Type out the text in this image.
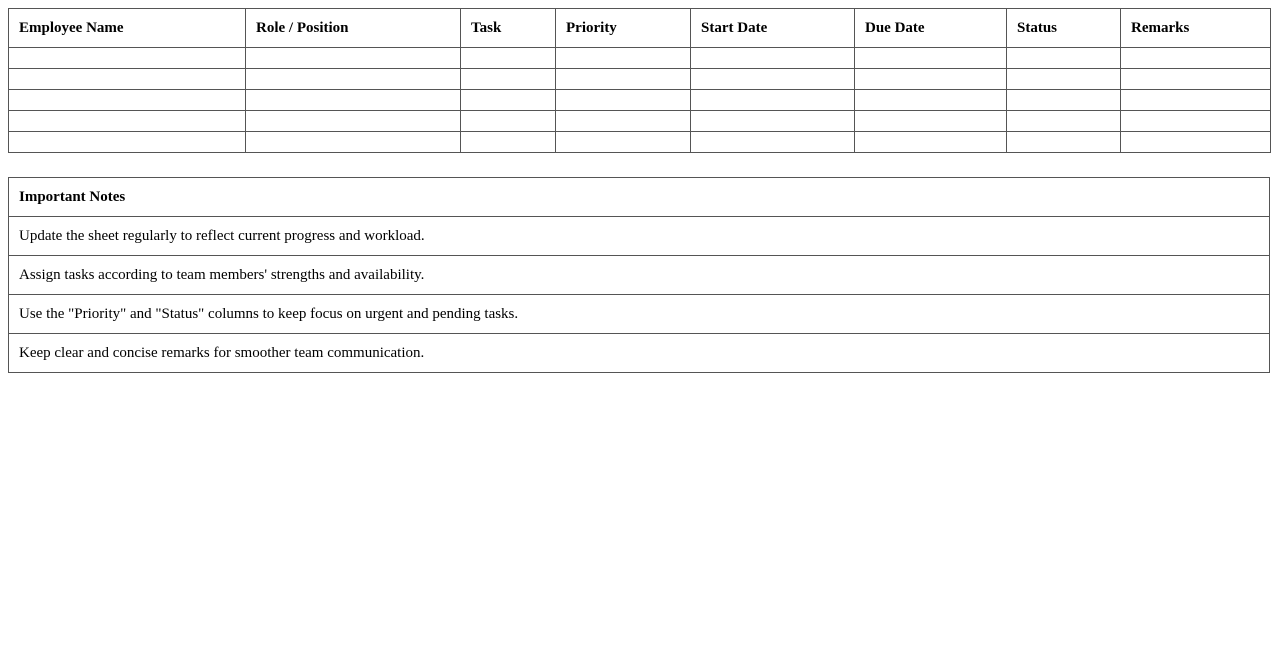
Employee Name	Role / Position	Task	Priority	Start Date	Due Date	Status	Remarks

Important Notes
Update the sheet regularly to reflect current progress and workload.
Assign tasks according to team members' strengths and availability.
Use the "Priority" and "Status" columns to keep focus on urgent and pending tasks.
Keep clear and concise remarks for smoother team communication.
